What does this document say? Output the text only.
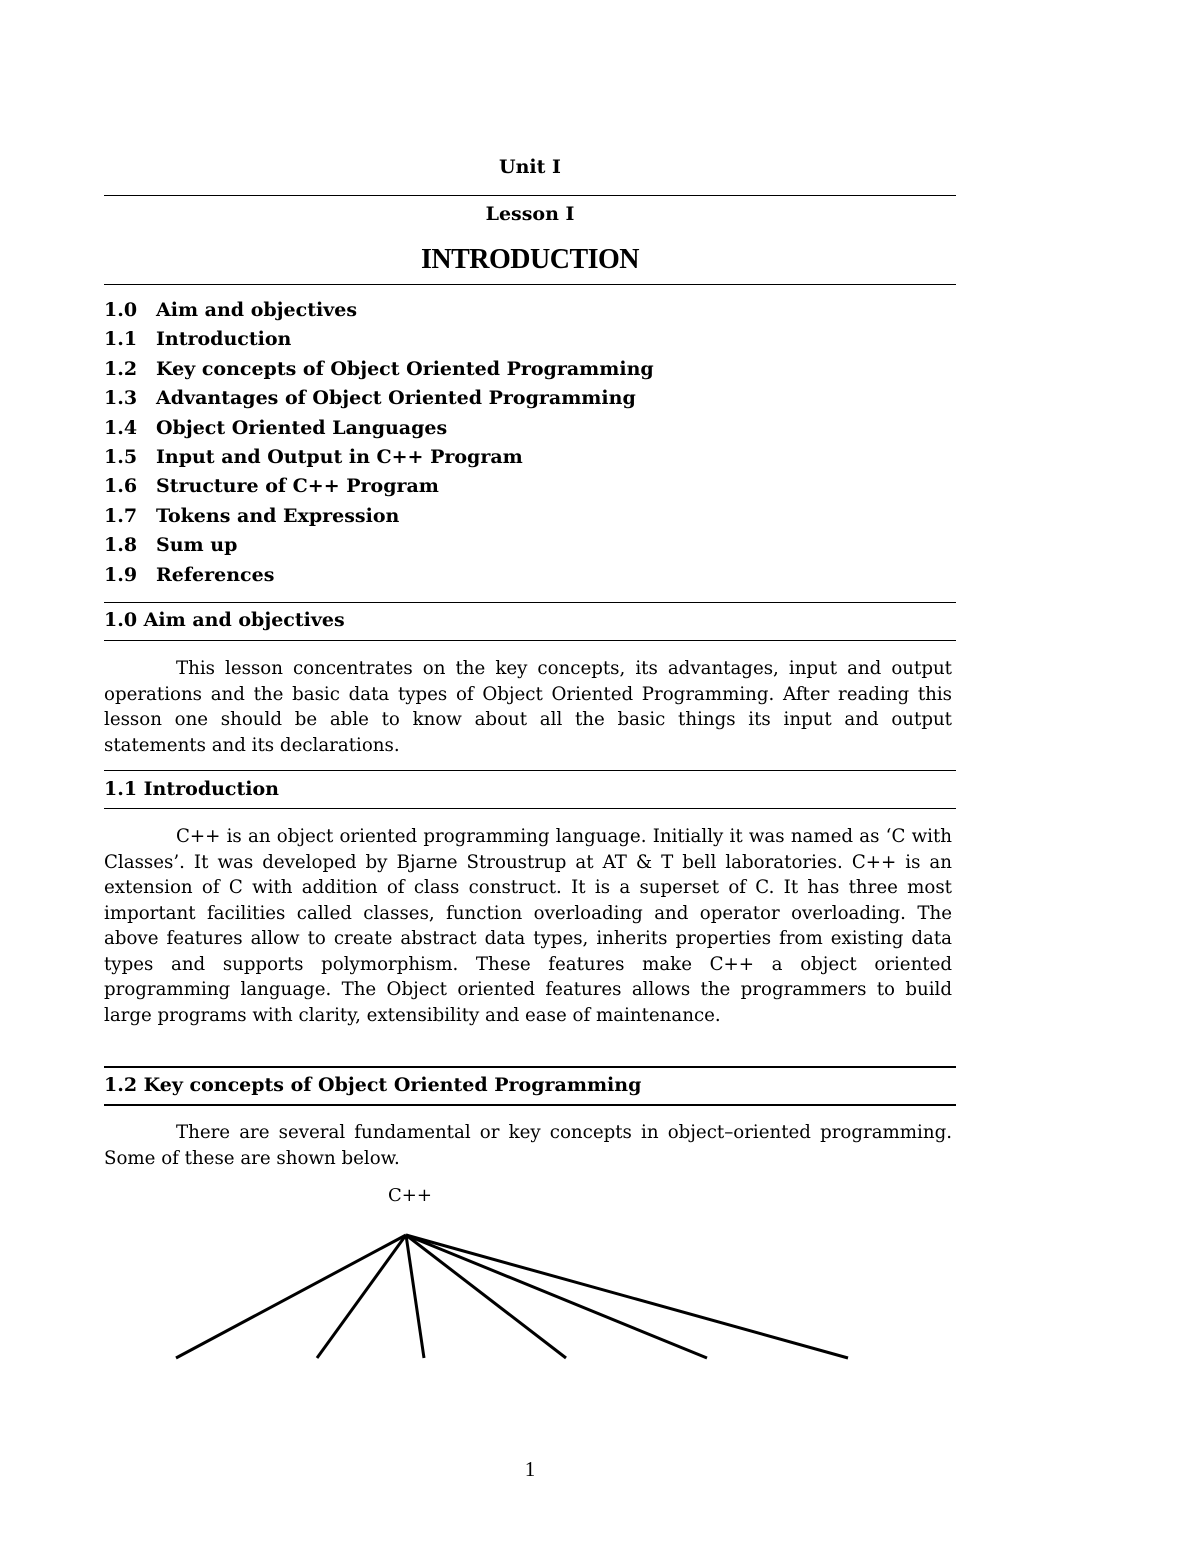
Unit I
Lesson I
INTRODUCTION
1.0 Aim and objectives
1.1 Introduction
1.2 Key concepts of Object Oriented Programming
1.3 Advantages of Object Oriented Programming
1.4 Object Oriented Languages
1.5 Input and Output in C++ Program
1.6 Structure of C++ Program
1.7 Tokens and Expression
1.8 Sum up
1.9 References
1.0 Aim and objectives

This lesson concentrates on the key concepts, its advantages, input and output operations and the basic data types of Object Oriented Programming. After reading this lesson one should be able to know about all the basic things its input and output statements and its declarations.

1.1 Introduction

C++ is an object oriented programming language. Initially it was named as ‘C with Classes’. It was developed by Bjarne Stroustrup at AT & T bell laboratories. C++ is an extension of C with addition of class construct. It is a superset of C. It has three most important facilities called classes, function overloading and operator overloading. The above features allow to create abstract data types, inherits properties from existing data types and supports polymorphism. These features make C++ a object oriented programming language. The Object oriented features allows the programmers to build large programs with clarity, extensibility and ease of maintenance.

1.2 Key concepts of Object Oriented Programming

There are several fundamental or key concepts in object–oriented programming. Some of these are shown below.

C++
1
